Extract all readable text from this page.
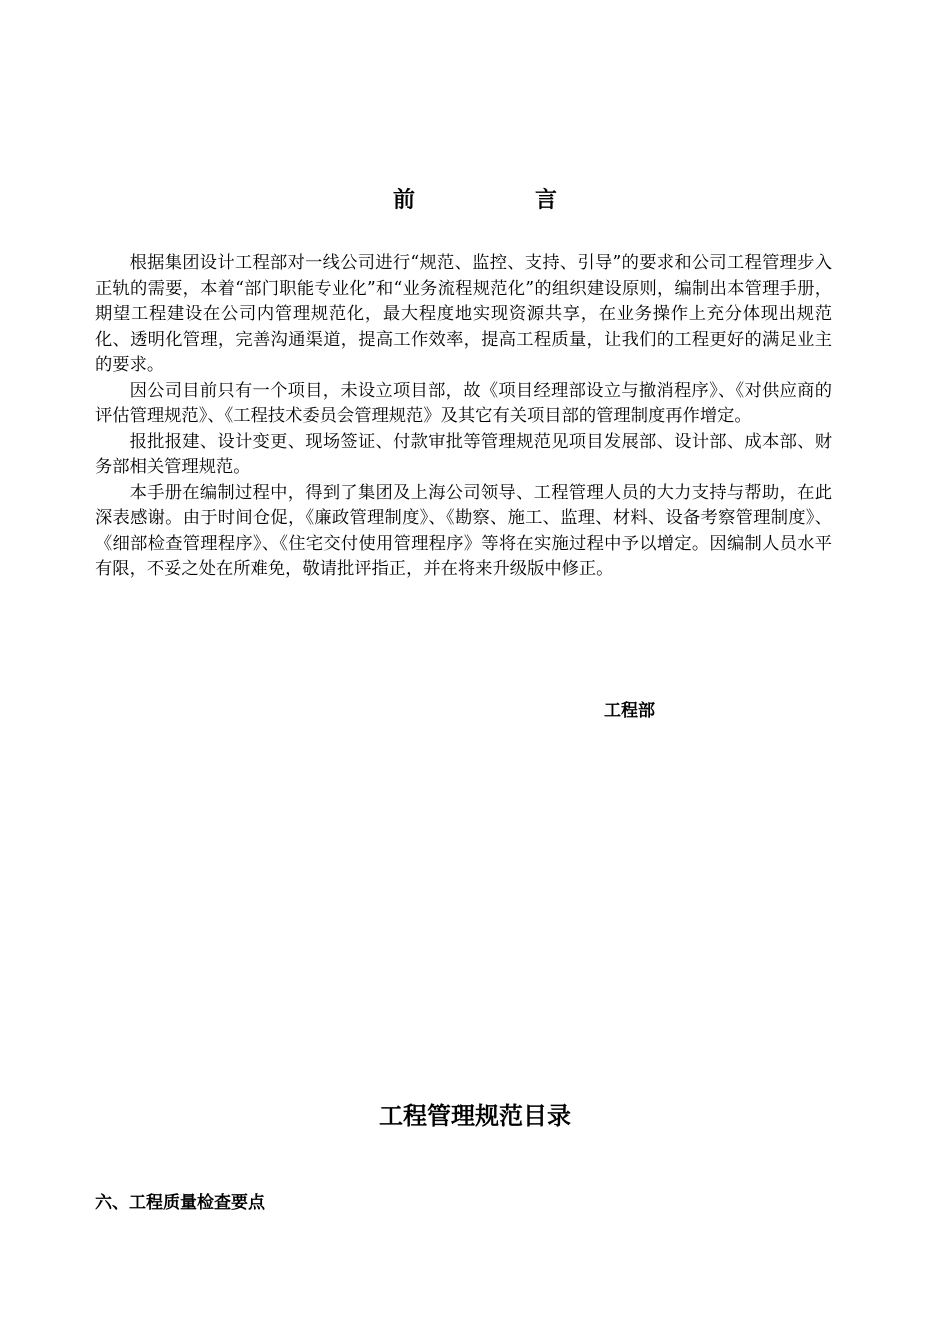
前	言

根据集团设计工程部对一线公司进行“规范、监控、支持、引导”的要求和公司工程管理步入正轨的需要，本着“部门职能专业化”和“业务流程规范化”的组织建设原则，编制出本管理手册，期望工程建设在公司内管理规范化，最大程度地实现资源共享，在业务操作上充分体现出规范化、透明化管理，完善沟通渠道，提高工作效率，提高工程质量，让我们的工程更好的满足业主的要求。

因公司目前只有一个项目，未设立项目部，故《项目经理部设立与撤消程序》、《对供应商的评估管理规范》、《工程技术委员会管理规范》及其它有关项目部的管理制度再作增定。

报批报建、设计变更、现场签证、付款审批等管理规范见项目发展部、设计部、成本部、财务部相关管理规范。

本手册在编制过程中，得到了集团及上海公司领导、工程管理人员的大力支持与帮助，在此深表感谢。由于时间仓促，《廉政管理制度》、《勘察、施工、监理、材料、设备考察管理制度》、《细部检查管理程序》、《住宅交付使用管理程序》等将在实施过程中予以增定。因编制人员水平有限，不妥之处在所难免，敬请批评指正，并在将来升级版中修正。

工程部
工程管理规范目录
六、工程质量检查要点
